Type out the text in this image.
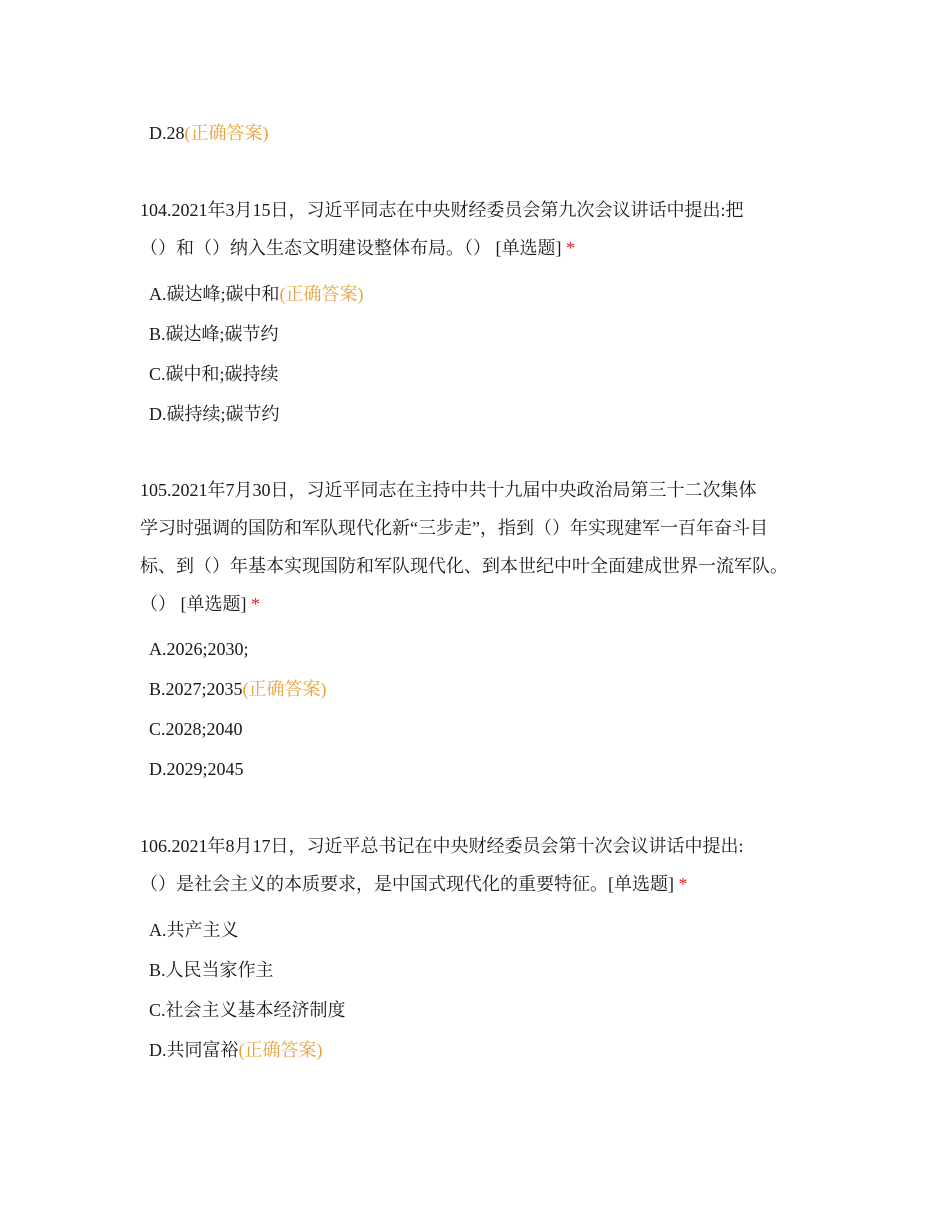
D.28(正确答案)
104.2021年3月15日，习近平同志在中央财经委员会第九次会议讲话中提出:把
（）和（）纳入生态文明建设整体布局。（） [单选题] *
A.碳达峰;碳中和(正确答案)
B.碳达峰;碳节约
C.碳中和;碳持续
D.碳持续;碳节约
105.2021年7月30日，习近平同志在主持中共十九届中央政治局第三十二次集体
学习时强调的国防和军队现代化新“三步走”，指到（）年实现建军一百年奋斗目
标、到（）年基本实现国防和军队现代化、到本世纪中叶全面建成世界一流军队。
（） [单选题] *
A.2026;2030;
B.2027;2035(正确答案)
C.2028;2040
D.2029;2045
106.2021年8月17日，习近平总书记在中央财经委员会第十次会议讲话中提出:
（）是社会主义的本质要求，是中国式现代化的重要特征。[单选题] *
A.共产主义
B.人民当家作主
C.社会主义基本经济制度
D.共同富裕(正确答案)
